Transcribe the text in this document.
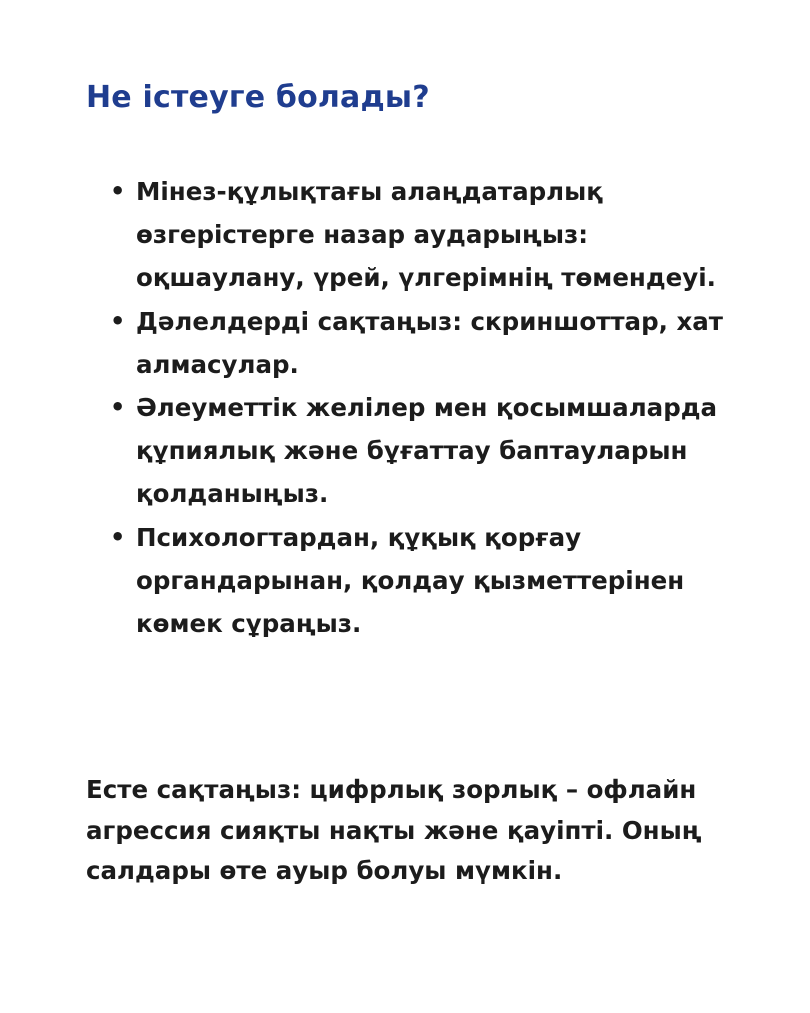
Не істеуге болады?
• Мінез-құлықтағы алаңдатарлық өзгерістерге назар аударыңыз: оқшаулану, үрей, үлгерімнің төмендеуі.
• Дәлелдерді сақтаңыз: скриншоттар, хат алмасулар.
• Әлеуметтік желілер мен қосымшаларда құпиялық және бұғаттау баптауларын қолданыңыз.
• Психологтардан, құқық қорғау органдарынан, қолдау қызметтерінен көмек сұраңыз.

Есте сақтаңыз: цифрлық зорлық – офлайн агрессия сияқты нақты және қауіпті. Оның салдары өте ауыр болуы мүмкін.
